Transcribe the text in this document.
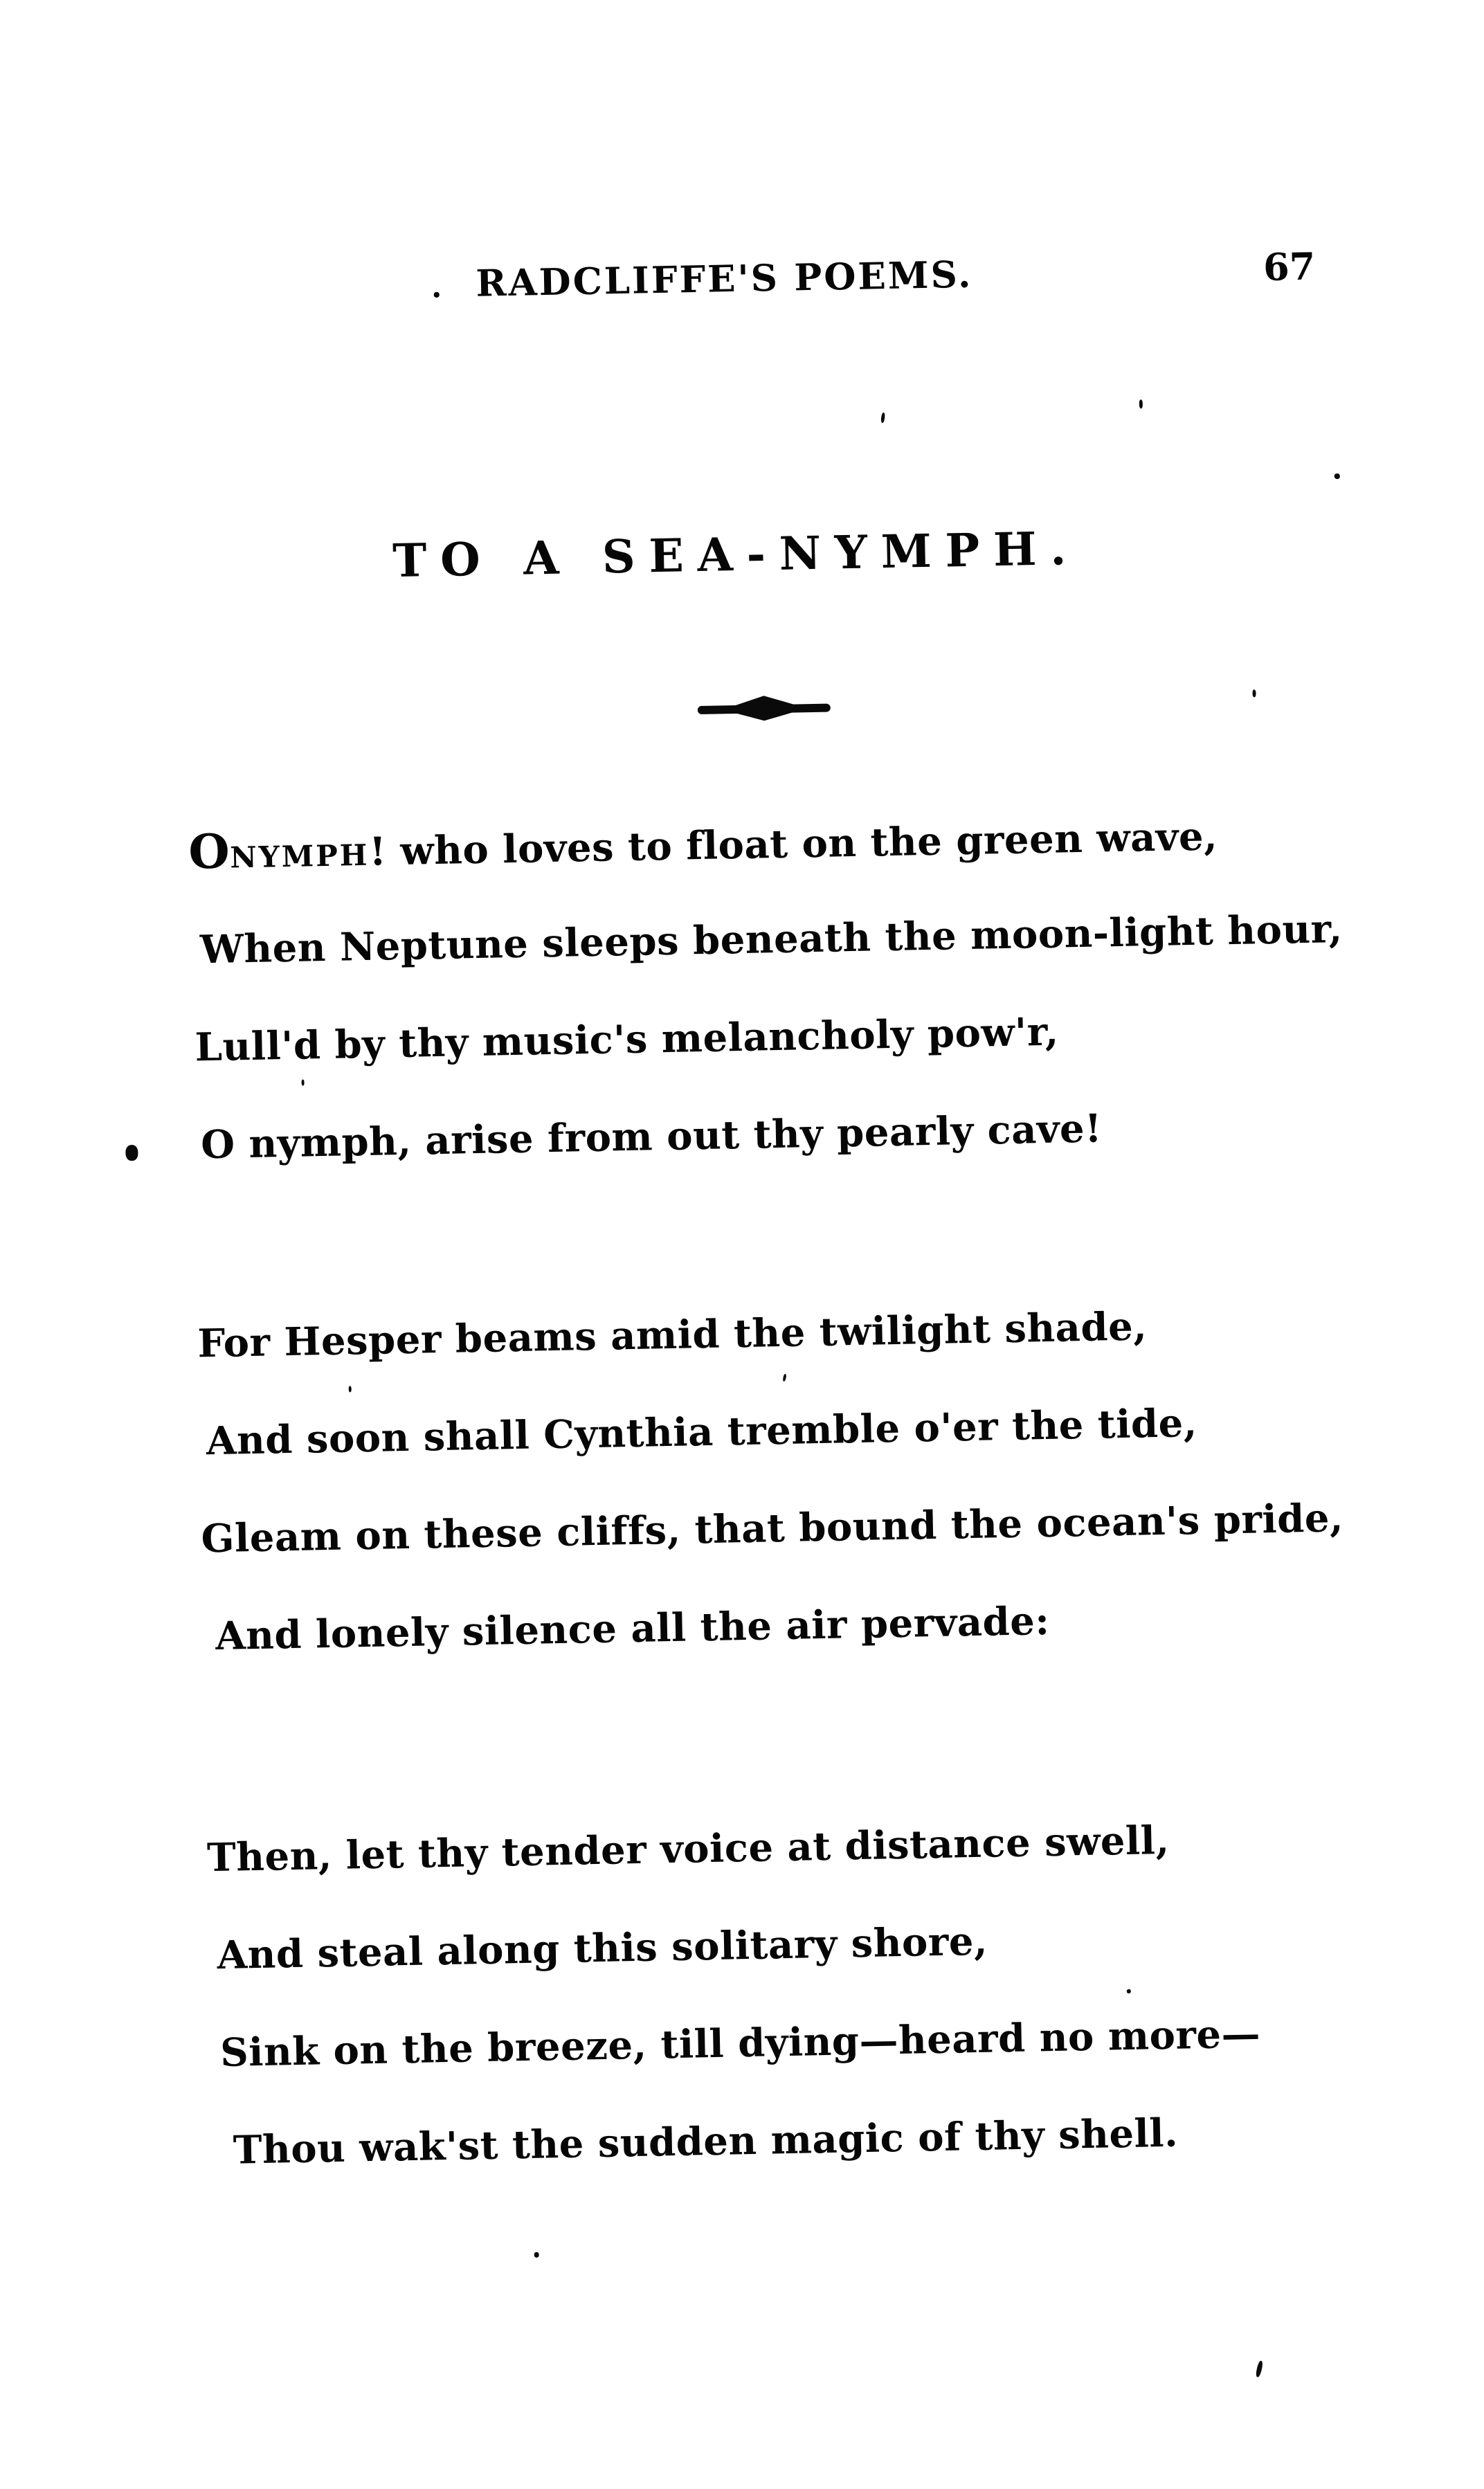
RADCLIFFE'S POEMS.	67
TO A SEA-NYMPH.
ONYMPH! who loves to float on the green wave,
When Neptune sleeps beneath the moon-light hour,
Lull'd by thy music's melancholy pow'r,
O nymph, arise from out thy pearly cave!
For Hesper beams amid the twilight shade,
And soon shall Cynthia tremble o'er the tide,
Gleam on these cliffs, that bound the ocean's pride,
And lonely silence all the air pervade:
Then, let thy tender voice at distance swell,
And steal along this solitary shore,
Sink on the breeze, till dying—heard no more—
Thou wak'st the sudden magic of thy shell.
